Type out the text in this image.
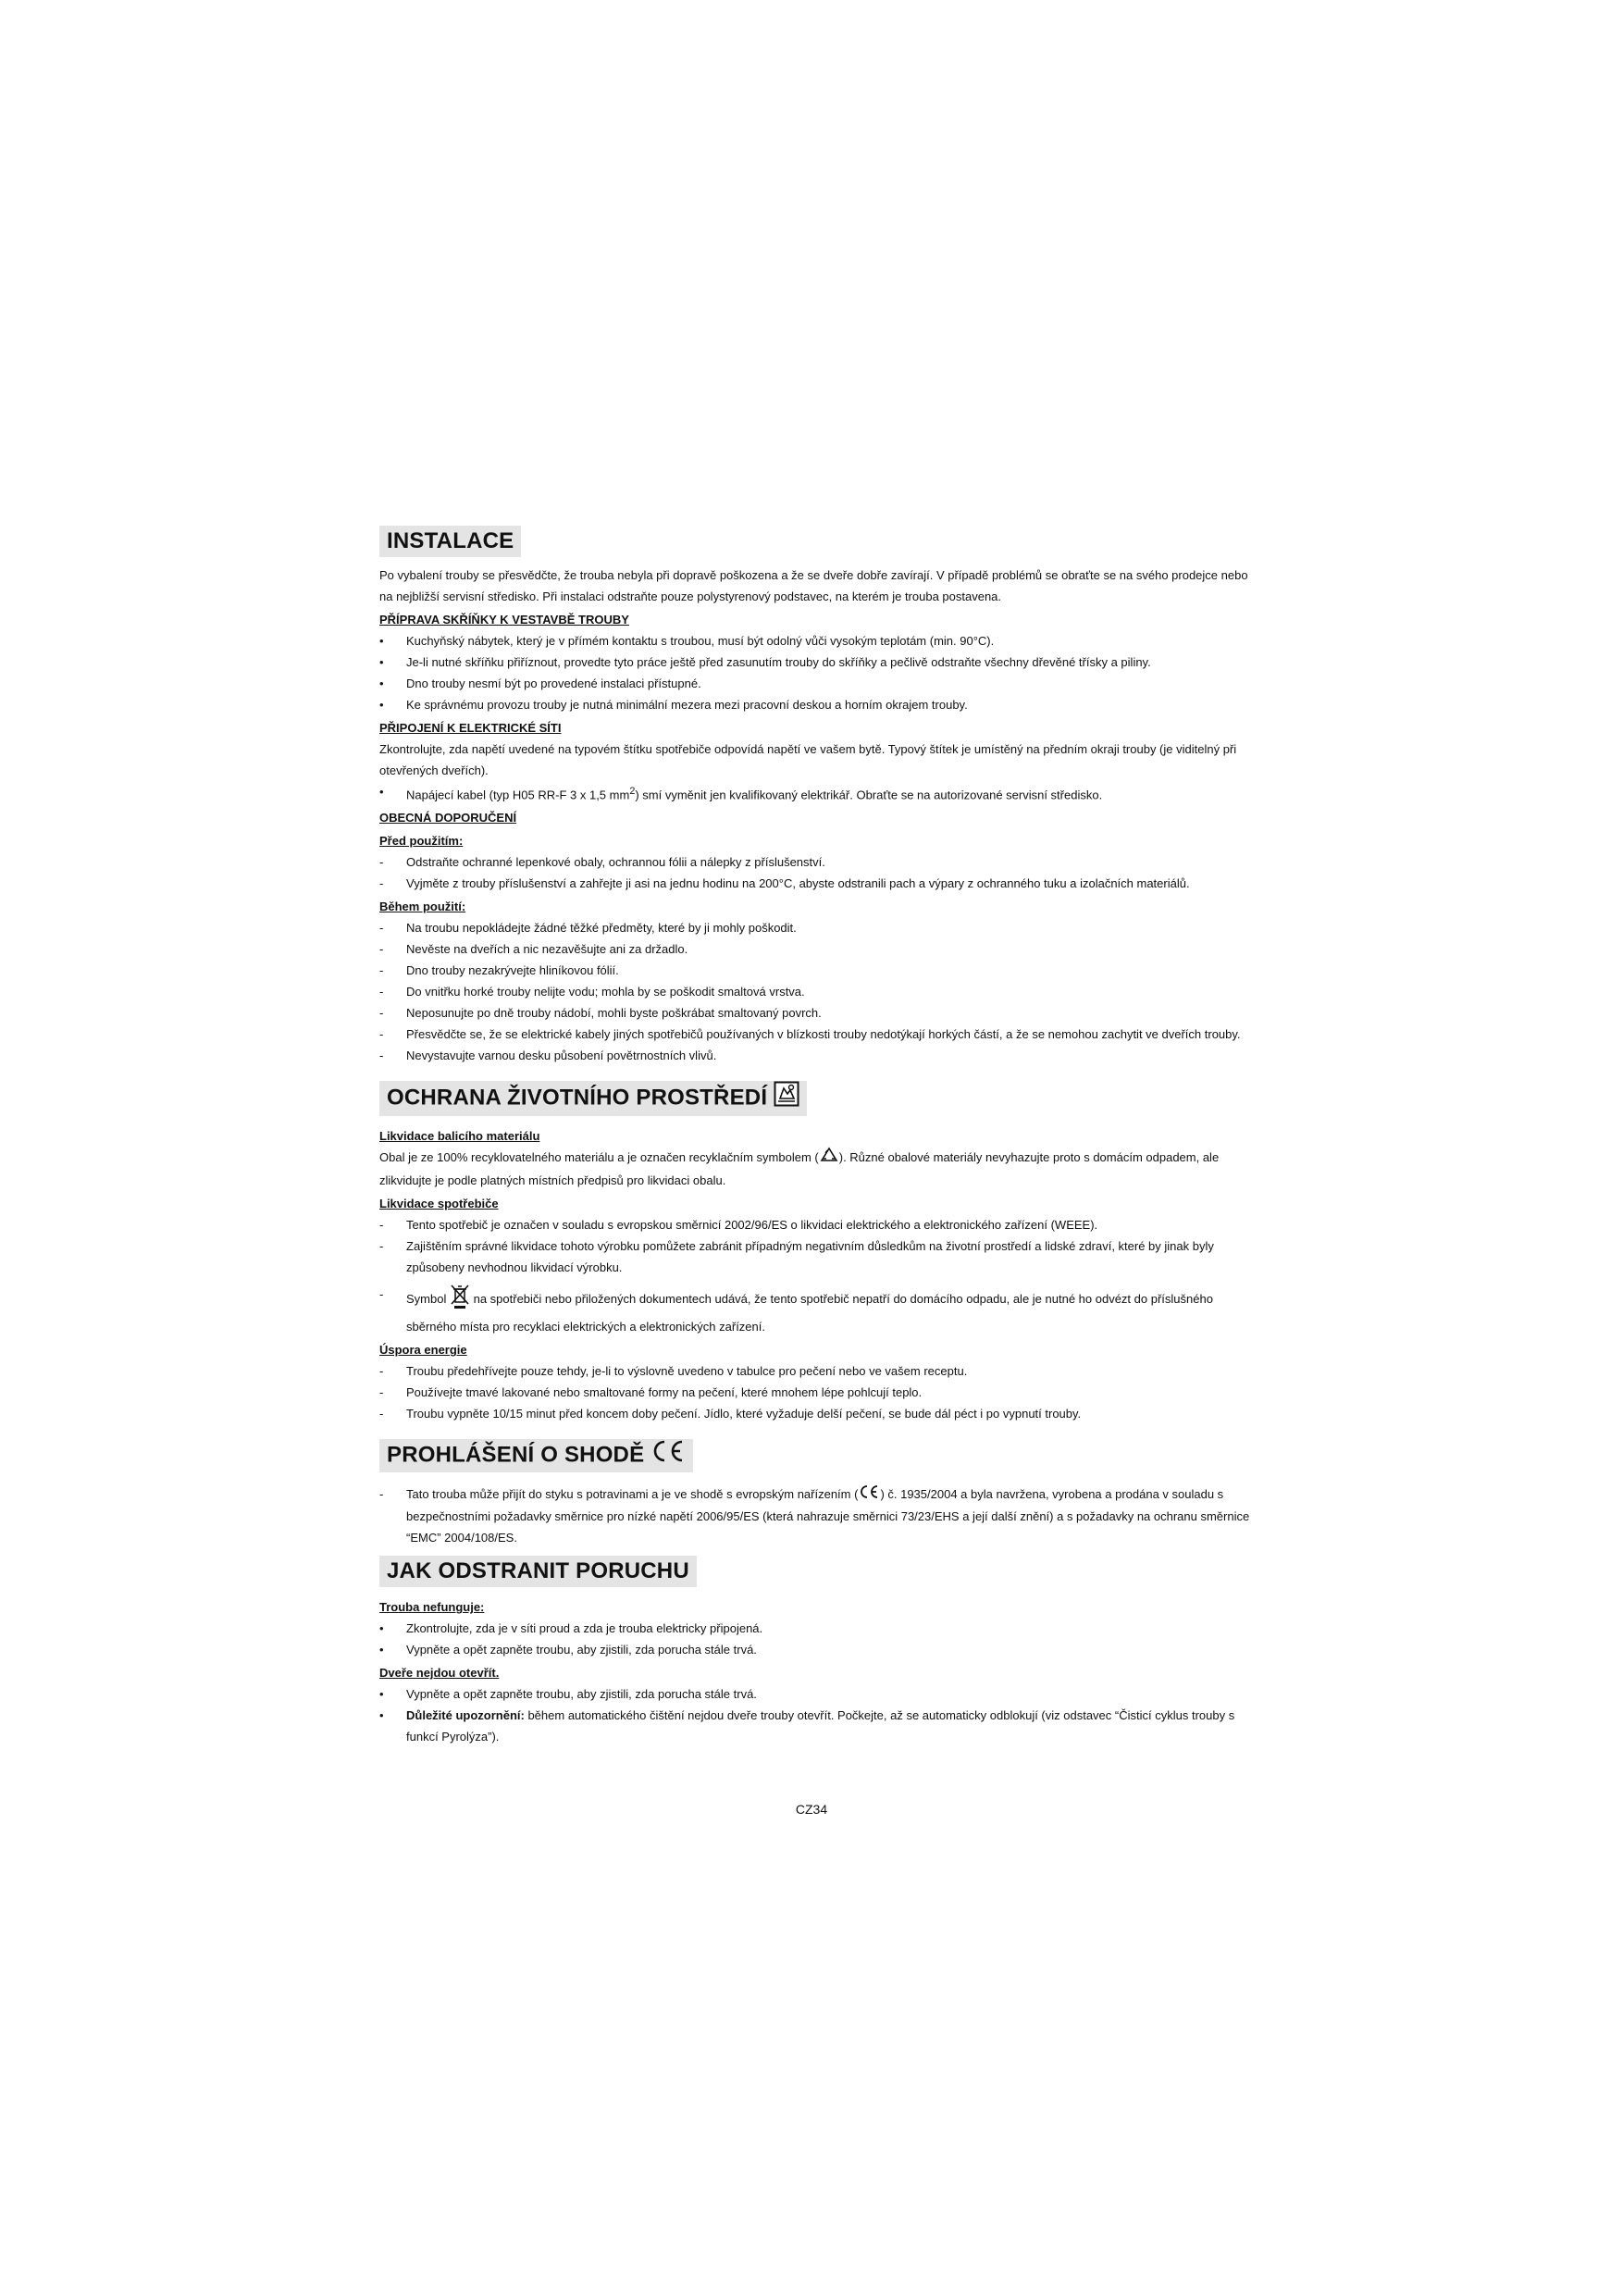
INSTALACE

Po vybalení trouby se přesvědčte, že trouba nebyla při dopravě poškozena a že se dveře dobře zavírají. V případě problémů se obraťte se na svého prodejce nebo na nejbližší servisní středisko. Při instalaci odstraňte pouze polystyrenový podstavec, na kterém je trouba postavena.

PŘÍPRAVA SKŘÍŇKY K VESTAVBĚ TROUBY
•	Kuchyňský nábytek, který je v přímém kontaktu s troubou, musí být odolný vůči vysokým teplotám (min. 90°C).
•	Je-li nutné skříňku přiříznout, provedte tyto práce ještě před zasunutím trouby do skříňky a pečlivě odstraňte všechny dřevěné třísky a piliny.
•	Dno trouby nesmí být po provedené instalaci přístupné.
•	Ke správnému provozu trouby je nutná minimální mezera mezi pracovní deskou a horním okrajem trouby.
PŘIPOJENÍ K ELEKTRICKÉ SÍTI

Zkontrolujte, zda napětí uvedené na typovém štítku spotřebiče odpovídá napětí ve vašem bytě. Typový štítek je umístěný na předním okraji trouby (je viditelný při otevřených dveřích).

•	Napájecí kabel (typ H05 RR-F 3 x 1,5 $mm^2$) smí vyměnit jen kvalifikovaný elektrikář. Obraťte se na autorizované servisní středisko.
OBECNÁ DOPORUČENÍ
Před použitím:
-	Odstraňte ochranné lepenkové obaly, ochrannou fólii a nálepky z příslušenství.
-	Vyjměte z trouby příslušenství a zahřejte ji asi na jednu hodinu na 200°C, abyste odstranili pach a výpary z ochranného tuku a izolačních materiálů.
Během použití:
-	Na troubu nepokládejte žádné těžké předměty, které by ji mohly poškodit.
-	Nevěste na dveřích a nic nezavěšujte ani za držadlo.
-	Dno trouby nezakrývejte hliníkovou fólií.
-	Do vnitřku horké trouby nelijte vodu; mohla by se poškodit smaltová vrstva.
-	Neposunujte po dně trouby nádobí, mohli byste poškrábat smaltovaný povrch.
-	Přesvědčte se, že se elektrické kabely jiných spotřebičů používaných v blízkosti trouby nedotýkají horkých částí, a že se nemohou zachytit ve dveřích trouby.
-	Nevystavujte varnou desku působení povětrnostních vlivů.
OCHRANA ŽIVOTNÍHO PROSTŘEDÍ
Likvidace balicího materiálu

Obal je ze 100% recyklovatelného materiálu a je označen recyklačním symbolem ( ). Různé obalové materiály nevyhazujte proto s domácím odpadem, ale zlikvidujte je podle platných místních předpisů pro likvidaci obalu.

Likvidace spotřebiče
-	Tento spotřebič je označen v souladu s evropskou směrnicí 2002/96/ES o likvidaci elektrického a elektronického zařízení (WEEE).
-	Zajištěním správné likvidace tohoto výrobku pomůžete zabránit případným negativním důsledkům na životní prostředí a lidské zdraví, které by jinak byly způsobeny nevhodnou likvidací výrobku.
-	Symbol na spotřebiči nebo přiložených dokumentech udává, že tento spotřebič nepatří do domácího odpadu, ale je nutné ho odvézt do příslušného sběrného místa pro recyklaci elektrických a elektronických zařízení.
Úspora energie
-	Troubu předehřívejte pouze tehdy, je-li to výslovně uvedeno v tabulce pro pečení nebo ve vašem receptu.
-	Používejte tmavé lakované nebo smaltované formy na pečení, které mnohem lépe pohlcují teplo.
-	Troubu vypněte 10/15 minut před koncem doby pečení. Jídlo, které vyžaduje delší pečení, se bude dál péct i po vypnutí trouby.
PROHLÁŠENÍ O SHODĚ
-	Tato trouba může přijít do styku s potravinami a je ve shodě s evropským nařízením ( ) č. 1935/2004 a byla navržena, vyrobena a prodána v souladu s bezpečnostními požadavky směrnice pro nízké napětí 2006/95/ES (která nahrazuje směrnici 73/23/EHS a její další znění) a s požadavky na ochranu směrnice “EMC” 2004/108/ES.
JAK ODSTRANIT PORUCHU
Trouba nefunguje:
•	Zkontrolujte, zda je v síti proud a zda je trouba elektricky připojená.
•	Vypněte a opět zapněte troubu, aby zjistili, zda porucha stále trvá.
Dveře nejdou otevřít.
•	Vypněte a opět zapněte troubu, aby zjistili, zda porucha stále trvá.
•	Důležité upozornění: během automatického čištění nejdou dveře trouby otevřít. Počkejte, až se automaticky odblokují (viz odstavec “Čisticí cyklus trouby s funkcí Pyrolýza”).
CZ34
